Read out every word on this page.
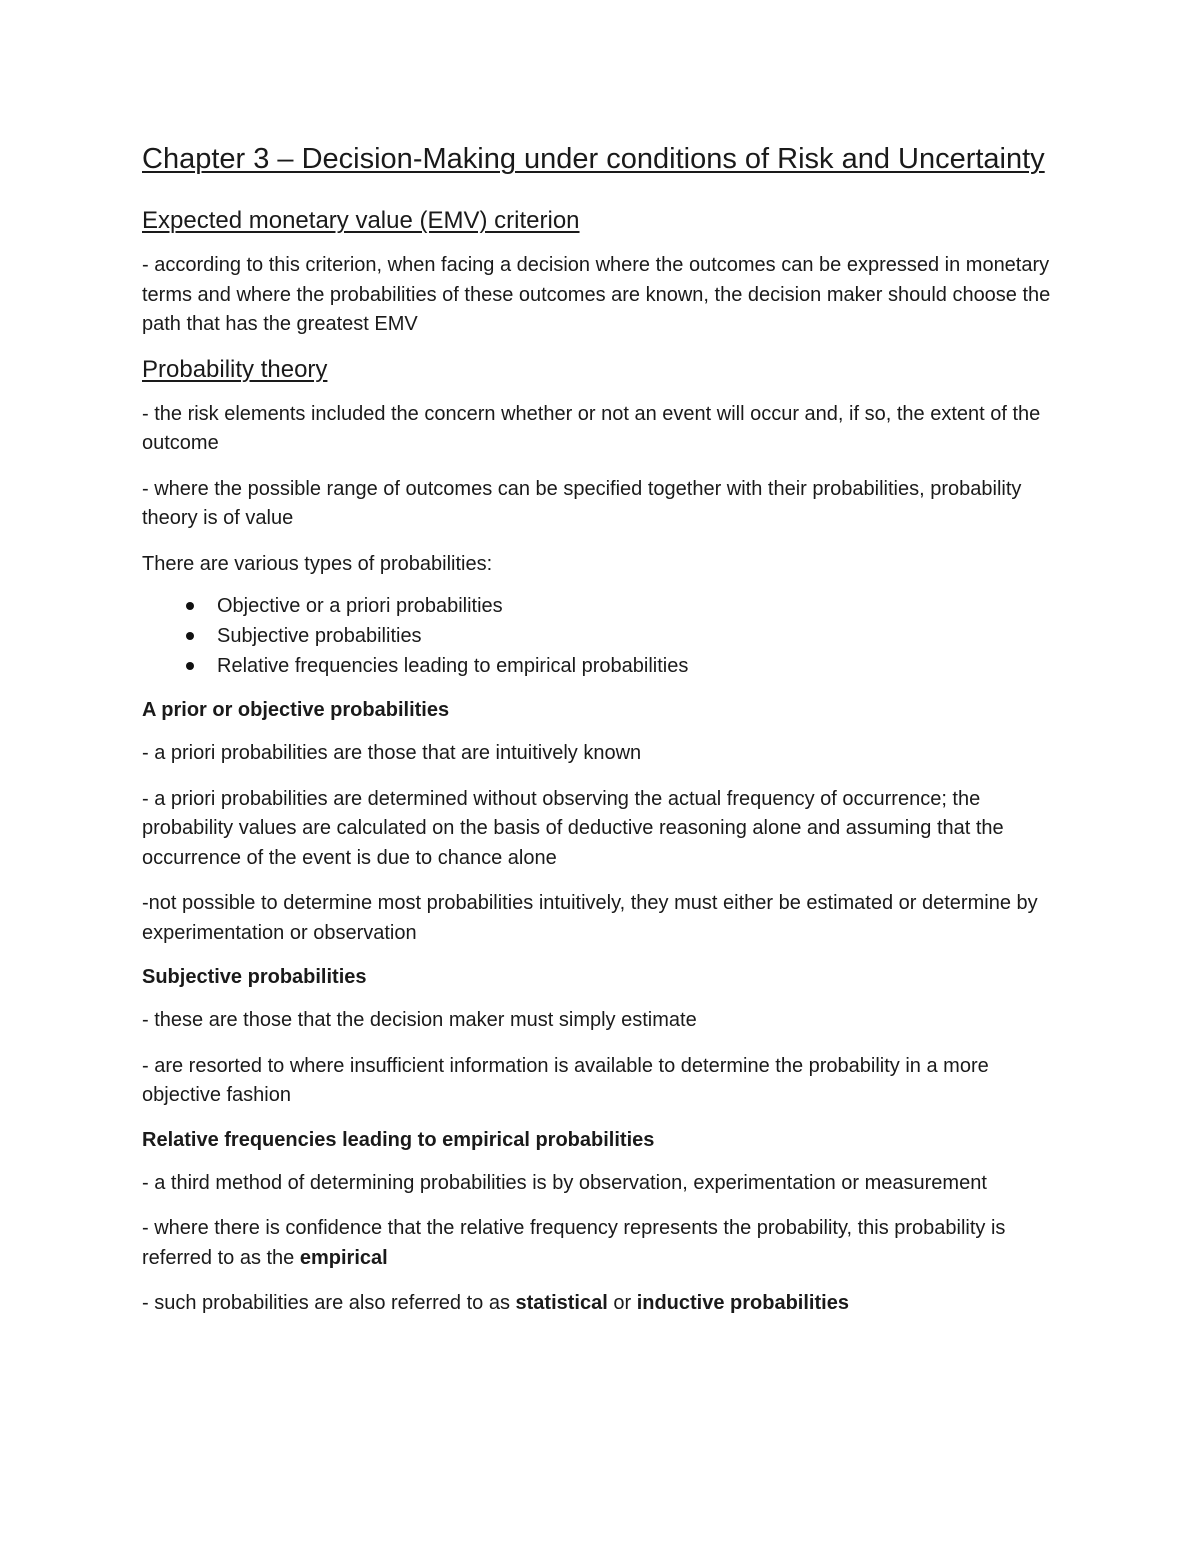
Chapter 3 – Decision-Making under conditions of Risk and Uncertainty
Expected monetary value (EMV) criterion

- according to this criterion, when facing a decision where the outcomes can be expressed in monetary terms and where the probabilities of these outcomes are known, the decision maker should choose the path that has the greatest EMV

Probability theory

- the risk elements included the concern whether or not an event will occur and, if so, the extent of the outcome

- where the possible range of outcomes can be specified together with their probabilities, probability theory is of value

There are various types of probabilities:

Objective or a priori probabilities
Subjective probabilities
Relative frequencies leading to empirical probabilities
A prior or objective probabilities

- a priori probabilities are those that are intuitively known

- a priori probabilities are determined without observing the actual frequency of occurrence; the probability values are calculated on the basis of deductive reasoning alone and assuming that the occurrence of the event is due to chance alone

-not possible to determine most probabilities intuitively, they must either be estimated or determine by experimentation or observation

Subjective probabilities

- these are those that the decision maker must simply estimate

- are resorted to where insufficient information is available to determine the probability in a more objective fashion

Relative frequencies leading to empirical probabilities

- a third method of determining probabilities is by observation, experimentation or measurement

- where there is confidence that the relative frequency represents the probability, this probability is referred to as the empirical

- such probabilities are also referred to as statistical or inductive probabilities
